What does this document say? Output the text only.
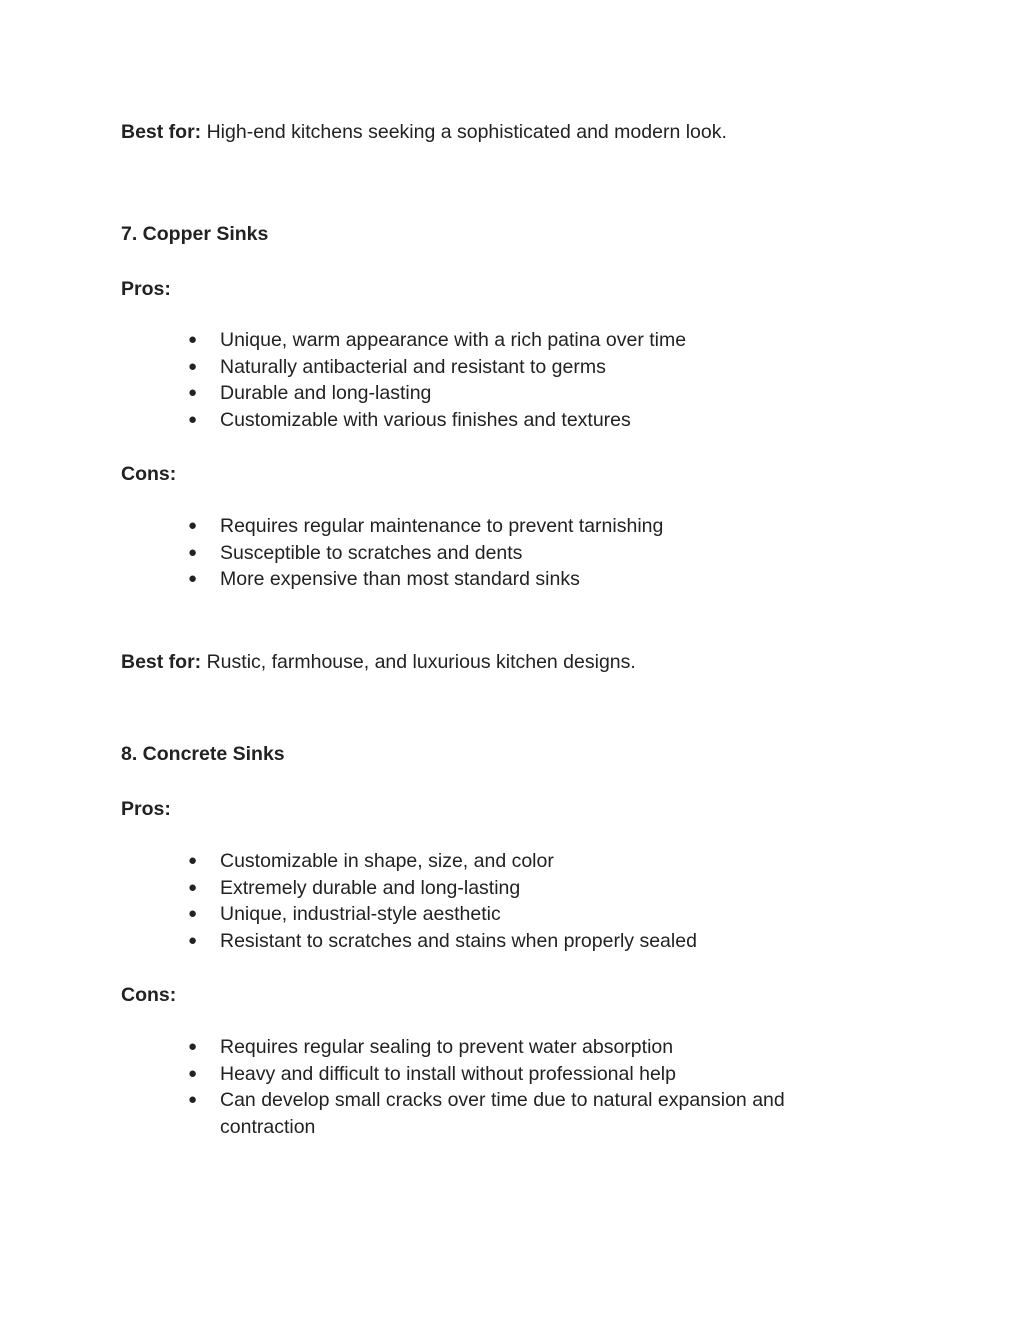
Best for: High-end kitchens seeking a sophisticated and modern look.
7. Copper Sinks
Pros:
● Unique, warm appearance with a rich patina over time
● Naturally antibacterial and resistant to germs
● Durable and long-lasting
● Customizable with various finishes and textures
Cons:
● Requires regular maintenance to prevent tarnishing
● Susceptible to scratches and dents
● More expensive than most standard sinks
Best for: Rustic, farmhouse, and luxurious kitchen designs.
8. Concrete Sinks
Pros:
● Customizable in shape, size, and color
● Extremely durable and long-lasting
● Unique, industrial-style aesthetic
● Resistant to scratches and stains when properly sealed
Cons:
● Requires regular sealing to prevent water absorption
● Heavy and difficult to install without professional help
● Can develop small cracks over time due to natural expansion and contraction
